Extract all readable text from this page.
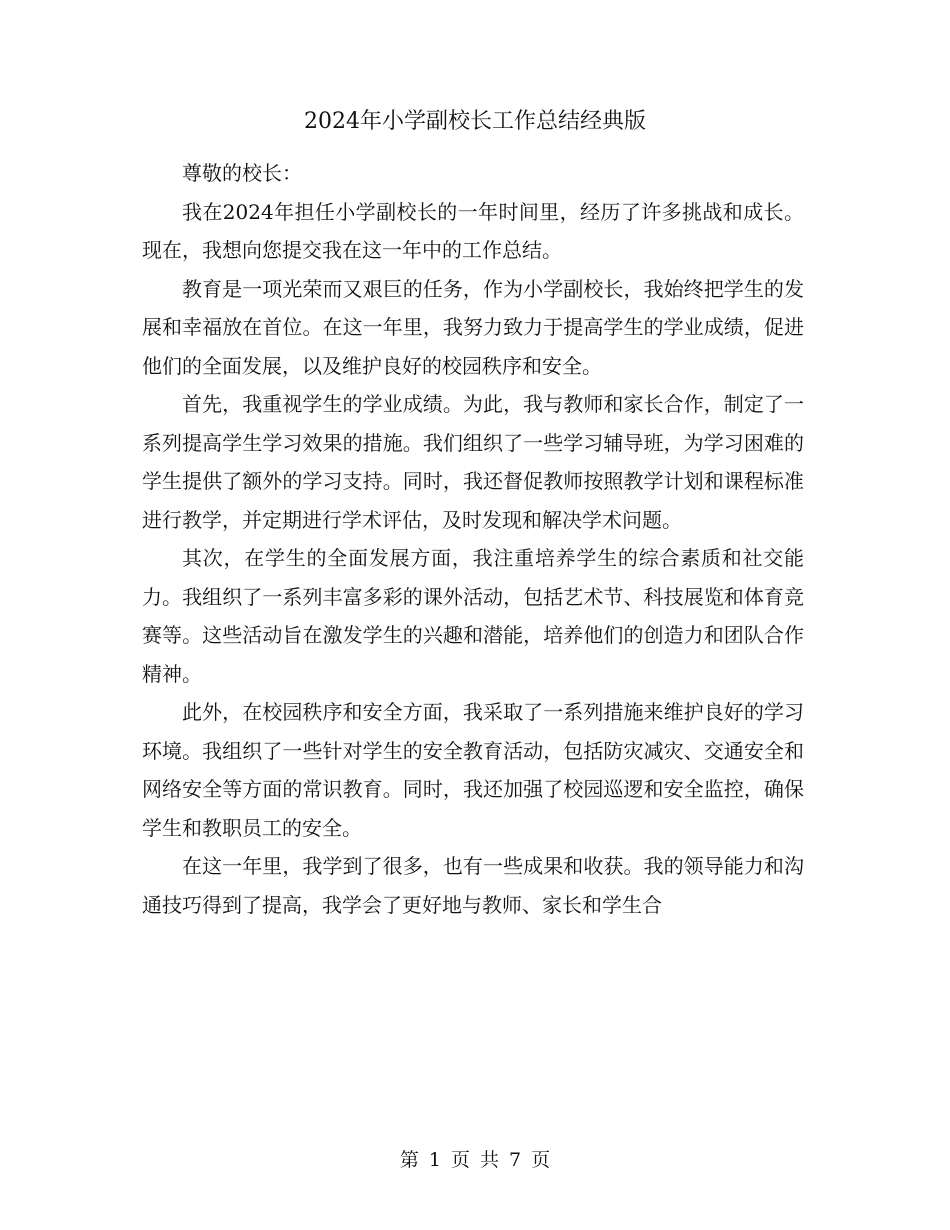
2024年小学副校长工作总结经典版

尊敬的校长：

我在2024年担任小学副校长的一年时间里，经历了许多挑战和成长。现在，我想向您提交我在这一年中的工作总结。

教育是一项光荣而又艰巨的任务，作为小学副校长，我始终把学生的发展和幸福放在首位。在这一年里，我努力致力于提高学生的学业成绩，促进他们的全面发展，以及维护良好的校园秩序和安全。

首先，我重视学生的学业成绩。为此，我与教师和家长合作，制定了一系列提高学生学习效果的措施。我们组织了一些学习辅导班，为学习困难的学生提供了额外的学习支持。同时，我还督促教师按照教学计划和课程标准进行教学，并定期进行学术评估，及时发现和解决学术问题。

其次，在学生的全面发展方面，我注重培养学生的综合素质和社交能力。我组织了一系列丰富多彩的课外活动，包括艺术节、科技展览和体育竞赛等。这些活动旨在激发学生的兴趣和潜能，培养他们的创造力和团队合作精神。

此外，在校园秩序和安全方面，我采取了一系列措施来维护良好的学习环境。我组织了一些针对学生的安全教育活动，包括防灾减灾、交通安全和网络安全等方面的常识教育。同时，我还加强了校园巡逻和安全监控，确保学生和教职员工的安全。

在这一年里，我学到了很多，也有一些成果和收获。我的领导能力和沟通技巧得到了提高，我学会了更好地与教师、家长和学生合

第 1 页 共 7 页
